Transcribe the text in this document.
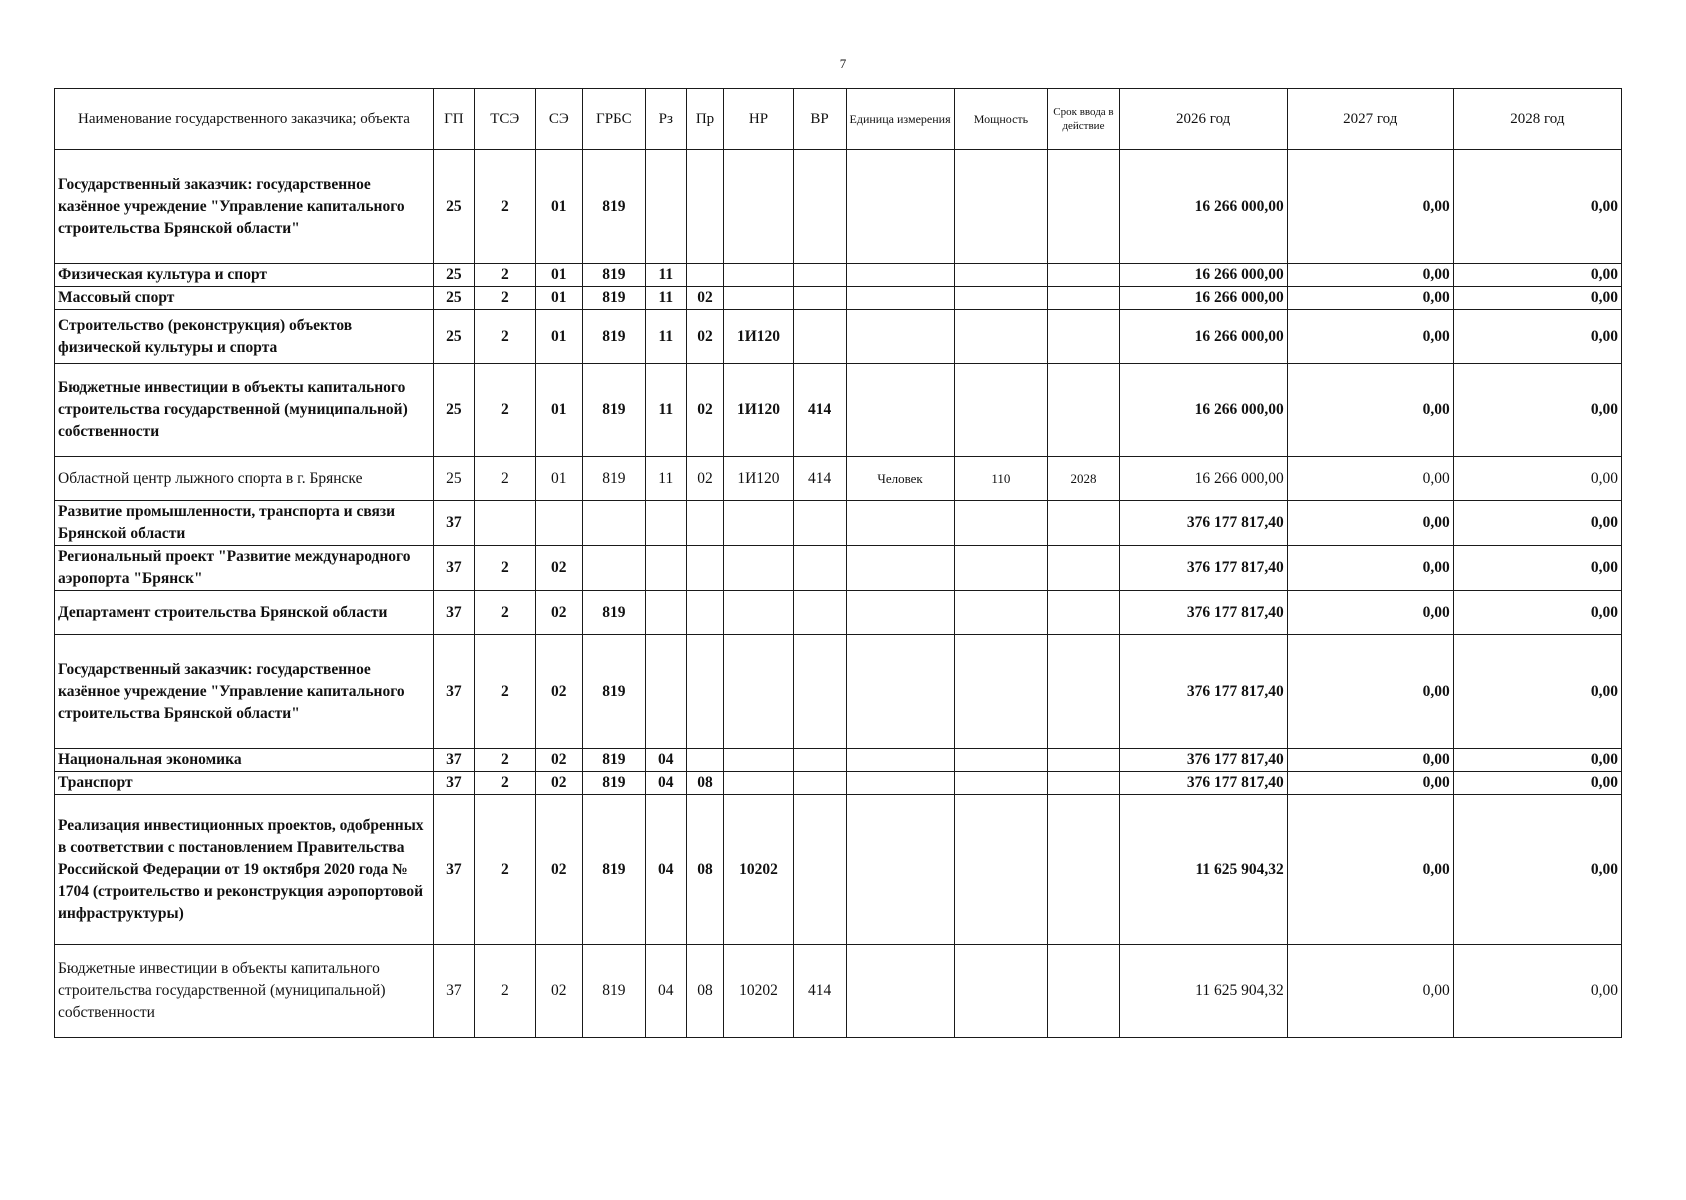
7
Наименование государственного заказчика; объекта	ГП	ТСЭ	СЭ	ГРБС	Рз	Пр	НР	ВР	Единица измерения	Мощность	Срок ввода в действие	2026 год	2027 год	2028 год
Государственный заказчик: государственное казённое учреждение "Управление капитального строительства Брянской области"	25	2	01	819								16 266 000,00	0,00	0,00
Физическая культура и спорт	25	2	01	819	11							16 266 000,00	0,00	0,00
Массовый спорт	25	2	01	819	11	02						16 266 000,00	0,00	0,00
Строительство (реконструкция) объектов физической культуры и спорта	25	2	01	819	11	02	1И120					16 266 000,00	0,00	0,00
Бюджетные инвестиции в объекты капитального строительства государственной (муниципальной) собственности	25	2	01	819	11	02	1И120	414				16 266 000,00	0,00	0,00
Областной центр лыжного спорта в г. Брянске	25	2	01	819	11	02	1И120	414	Человек	110	2028	16 266 000,00	0,00	0,00
Развитие промышленности, транспорта и связи Брянской области	37											376 177 817,40	0,00	0,00
Региональный проект "Развитие международного аэропорта "Брянск"	37	2	02									376 177 817,40	0,00	0,00
Департамент строительства Брянской области	37	2	02	819								376 177 817,40	0,00	0,00
Государственный заказчик: государственное казённое учреждение "Управление капитального строительства Брянской области"	37	2	02	819								376 177 817,40	0,00	0,00
Национальная экономика	37	2	02	819	04							376 177 817,40	0,00	0,00
Транспорт	37	2	02	819	04	08						376 177 817,40	0,00	0,00
Реализация инвестиционных проектов, одобренных в соответствии с постановлением Правительства Российской Федерации от 19 октября 2020 года № 1704 (строительство и реконструкция аэропортовой инфраструктуры)	37	2	02	819	04	08	10202					11 625 904,32	0,00	0,00
Бюджетные инвестиции в объекты капитального строительства государственной (муниципальной) собственности	37	2	02	819	04	08	10202	414				11 625 904,32	0,00	0,00
